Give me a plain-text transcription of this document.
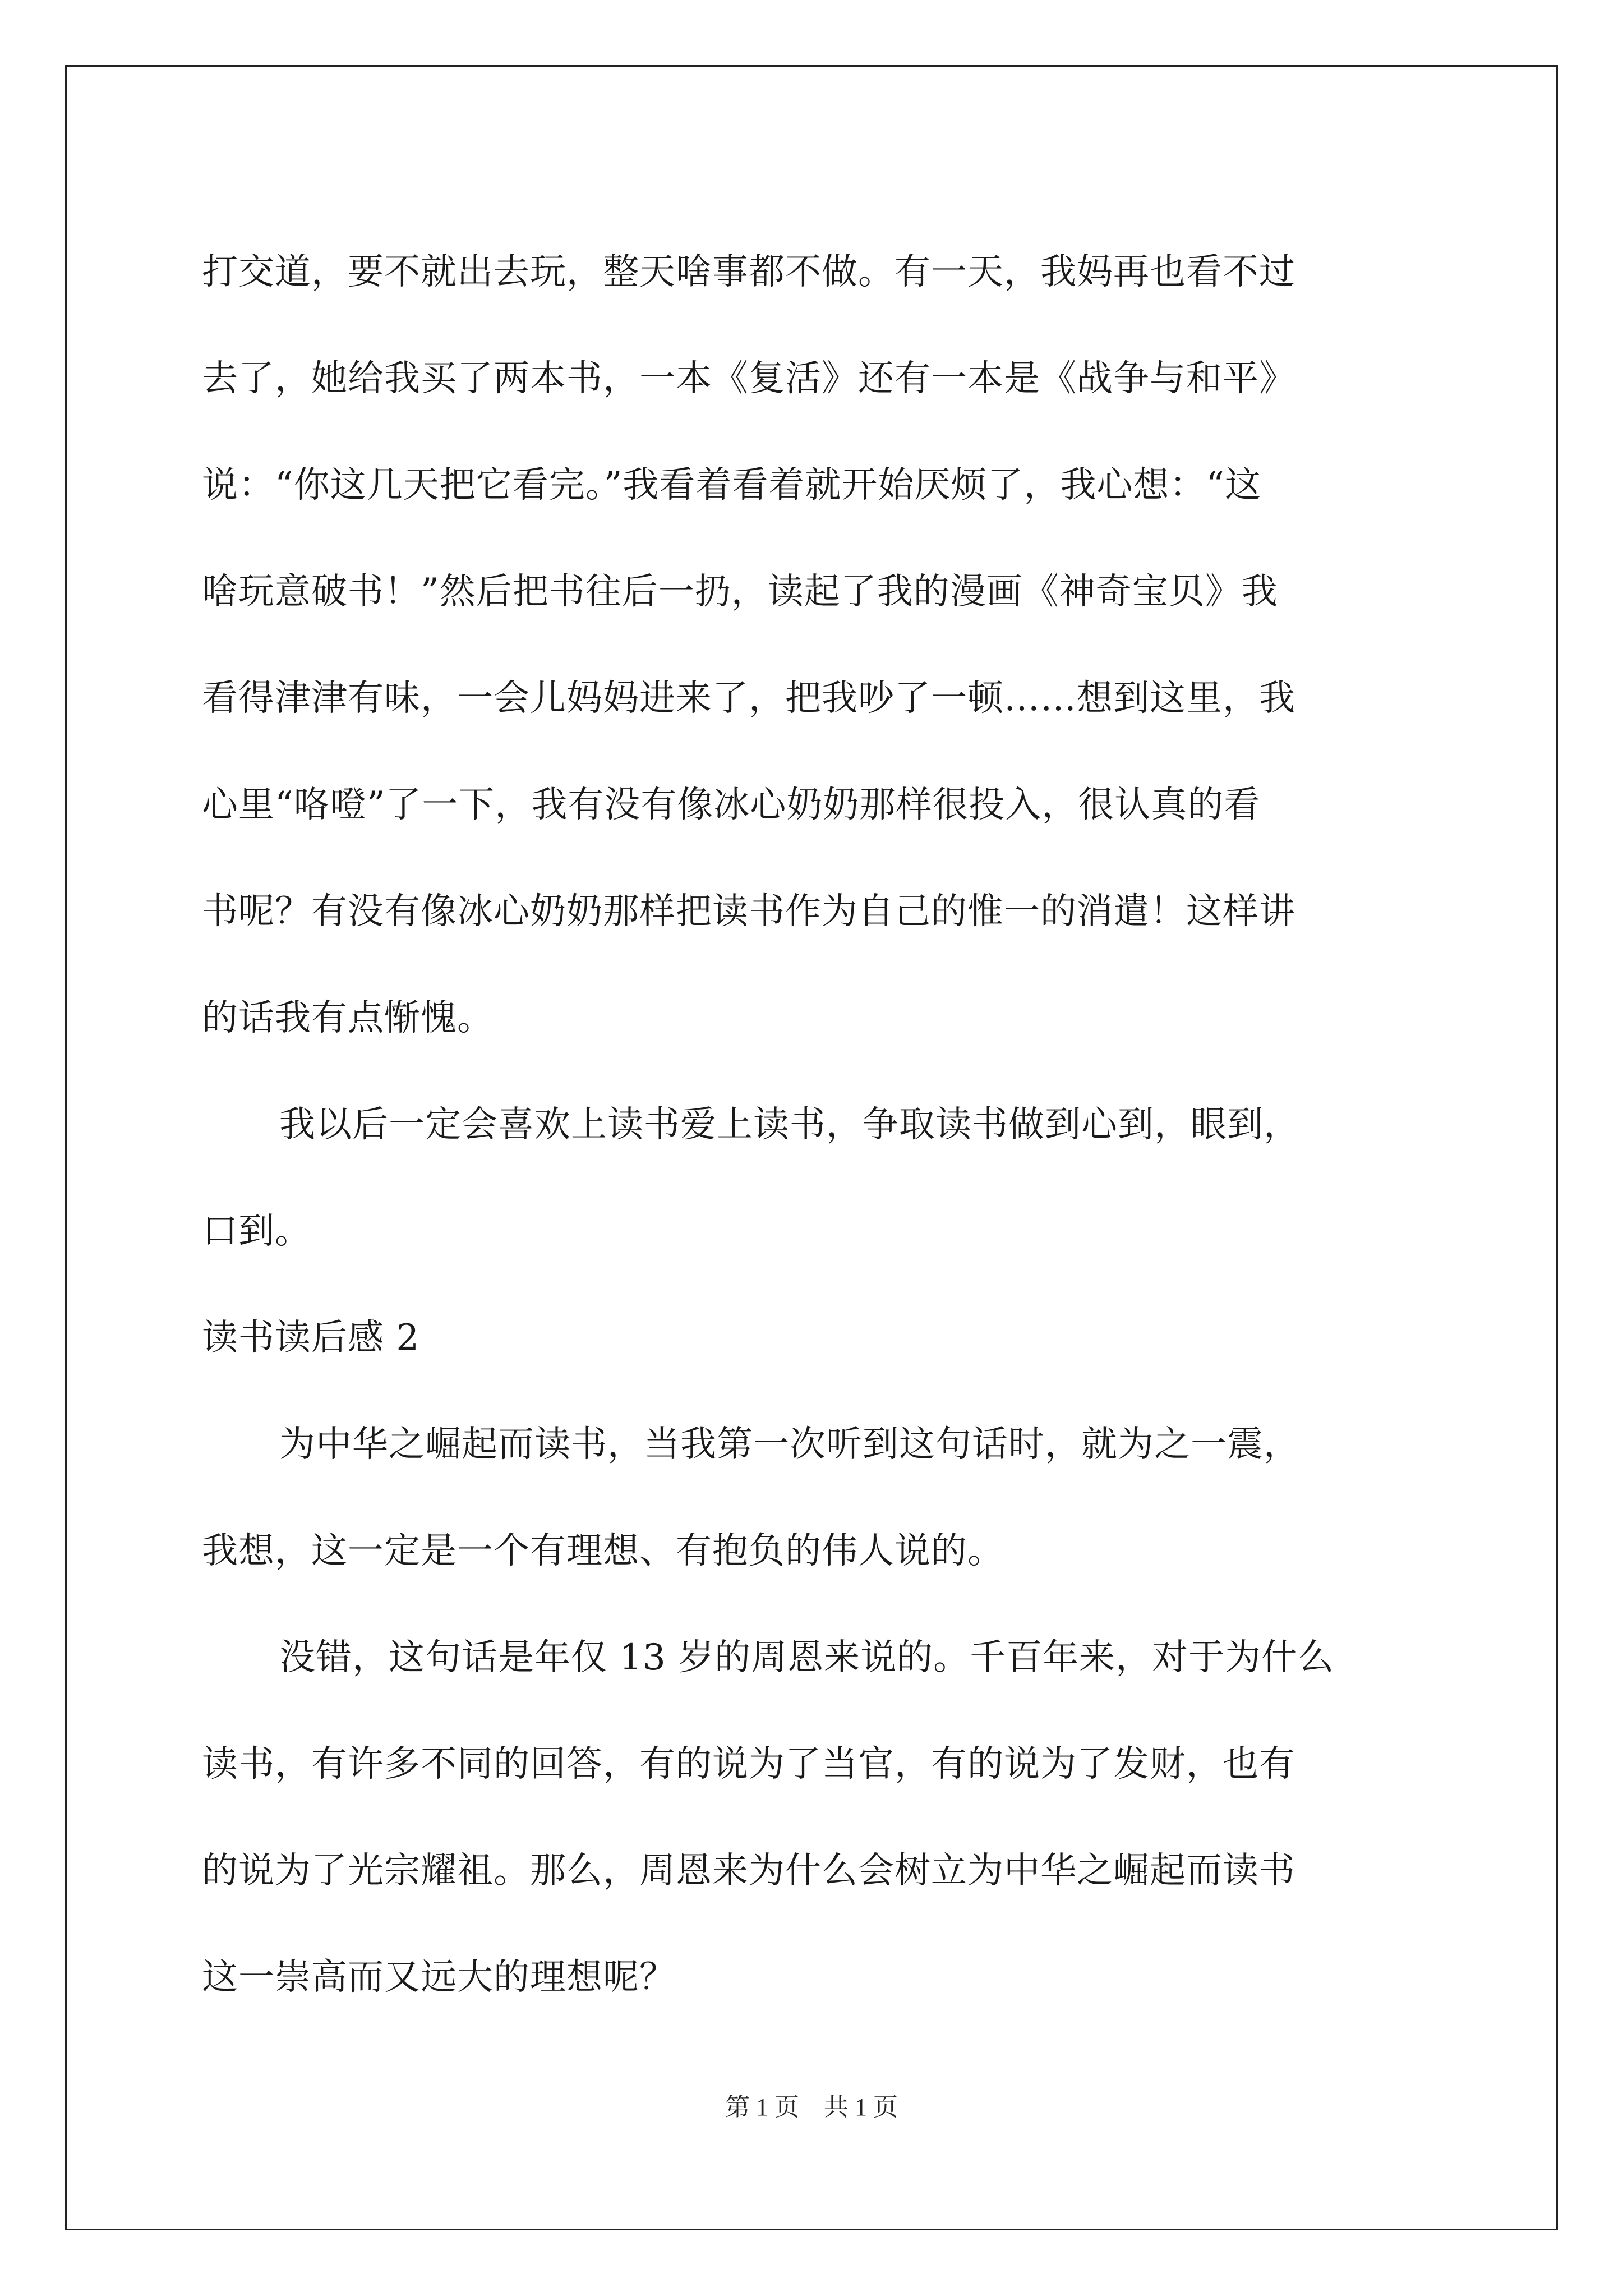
打交道，要不就出去玩，整天啥事都不做。有一天，我妈再也看不过
去了，她给我买了两本书，一本《复活》还有一本是《战争与和平》
说：“你这几天把它看完。”我看着看着就开始厌烦了，我心想：“这
啥玩意破书！”然后把书往后一扔，读起了我的漫画《神奇宝贝》我
看得津津有味，一会儿妈妈进来了，把我吵了一顿……想到这里，我
心里“咯噔”了一下，我有没有像冰心奶奶那样很投入，很认真的看
书呢？有没有像冰心奶奶那样把读书作为自己的惟一的消遣！这样讲
的话我有点惭愧。
我以后一定会喜欢上读书爱上读书，争取读书做到心到，眼到，
口到。
读书读后感 2
为中华之崛起而读书，当我第一次听到这句话时，就为之一震，
我想，这一定是一个有理想、有抱负的伟人说的。
没错，这句话是年仅 13 岁的周恩来说的。千百年来，对于为什么
读书，有许多不同的回答，有的说为了当官，有的说为了发财，也有
的说为了光宗耀祖。那么，周恩来为什么会树立为中华之崛起而读书
这一崇高而又远大的理想呢？
第 1 页 共 1 页
